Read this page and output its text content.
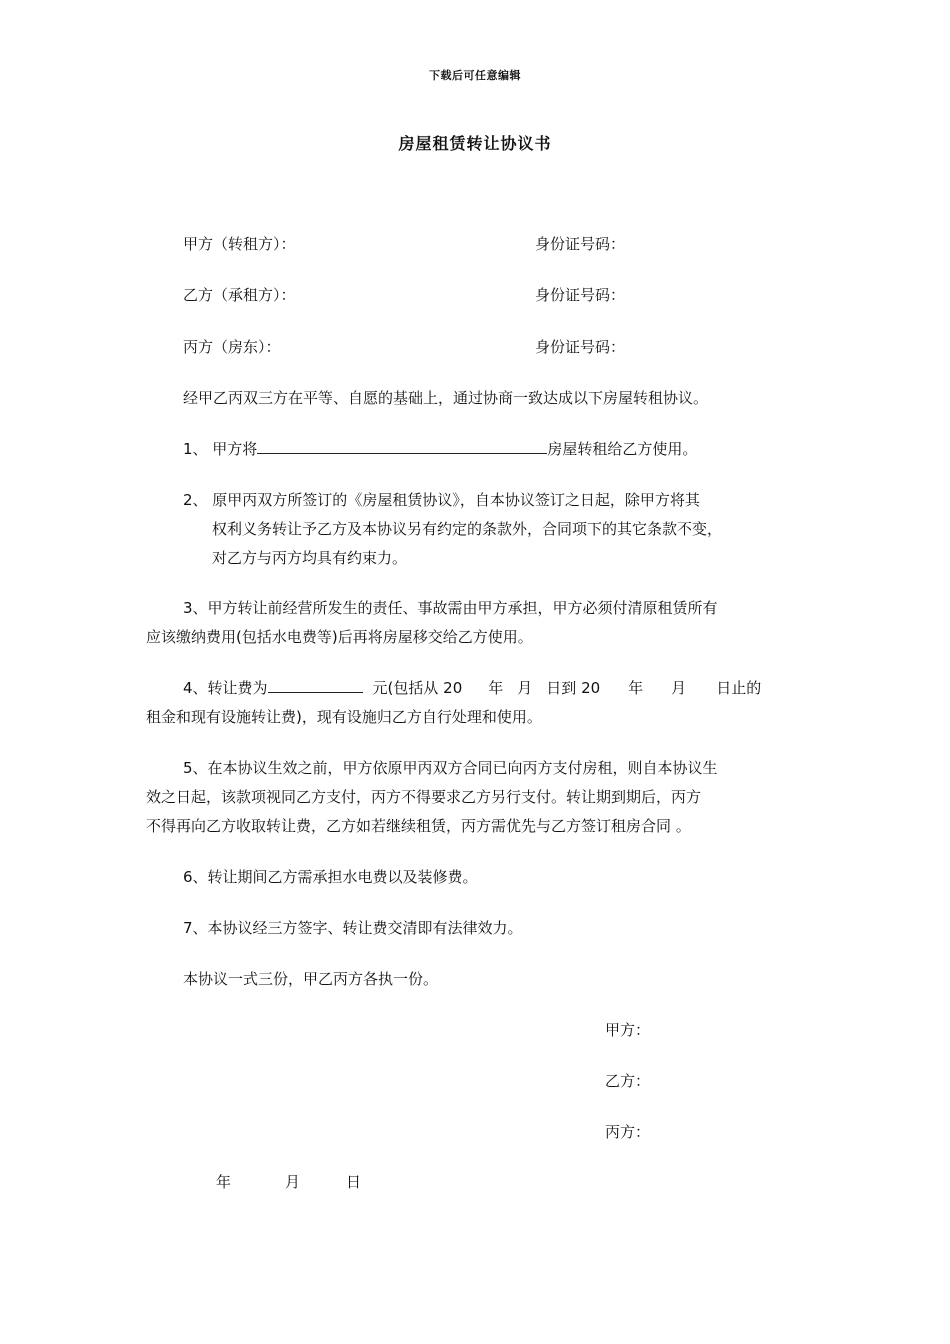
下载后可任意编辑
房屋租赁转让协议书
甲方（转租方）：	身份证号码：
乙方（承租方）：	身份证号码：
丙方（房东）：	身份证号码：
经甲乙丙双三方在平等、自愿的基础上，通过协商一致达成以下房屋转租协议。
1、 甲方将	房屋转租给乙方使用。
2、 原甲丙双方所签订的《房屋租赁协议》，自本协议签订之日起，除甲方将其
权利义务转让予乙方及本协议另有约定的条款外，合同项下的其它条款不变，
对乙方与丙方均具有约束力。
3、甲方转让前经营所发生的责任、事故需由甲方承担，甲方必须付清原租赁所有
应该缴纳费用(包括水电费等)后再将房屋移交给乙方使用。
4、转让费为	元(包括从 20 年 月 日到 20 年 月 日止的
租金和现有设施转让费)，现有设施归乙方自行处理和使用。
5、在本协议生效之前，甲方依原甲丙双方合同已向丙方支付房租，则自本协议生
效之日起，该款项视同乙方支付，丙方不得要求乙方另行支付。转让期到期后，丙方
不得再向乙方收取转让费，乙方如若继续租赁，丙方需优先与乙方签订租房合同 。
6、转让期间乙方需承担水电费以及装修费。
7、本协议经三方签字、转让费交清即有法律效力。
本协议一式三份，甲乙丙方各执一份。
甲方：
乙方：
丙方：
年	月	日
